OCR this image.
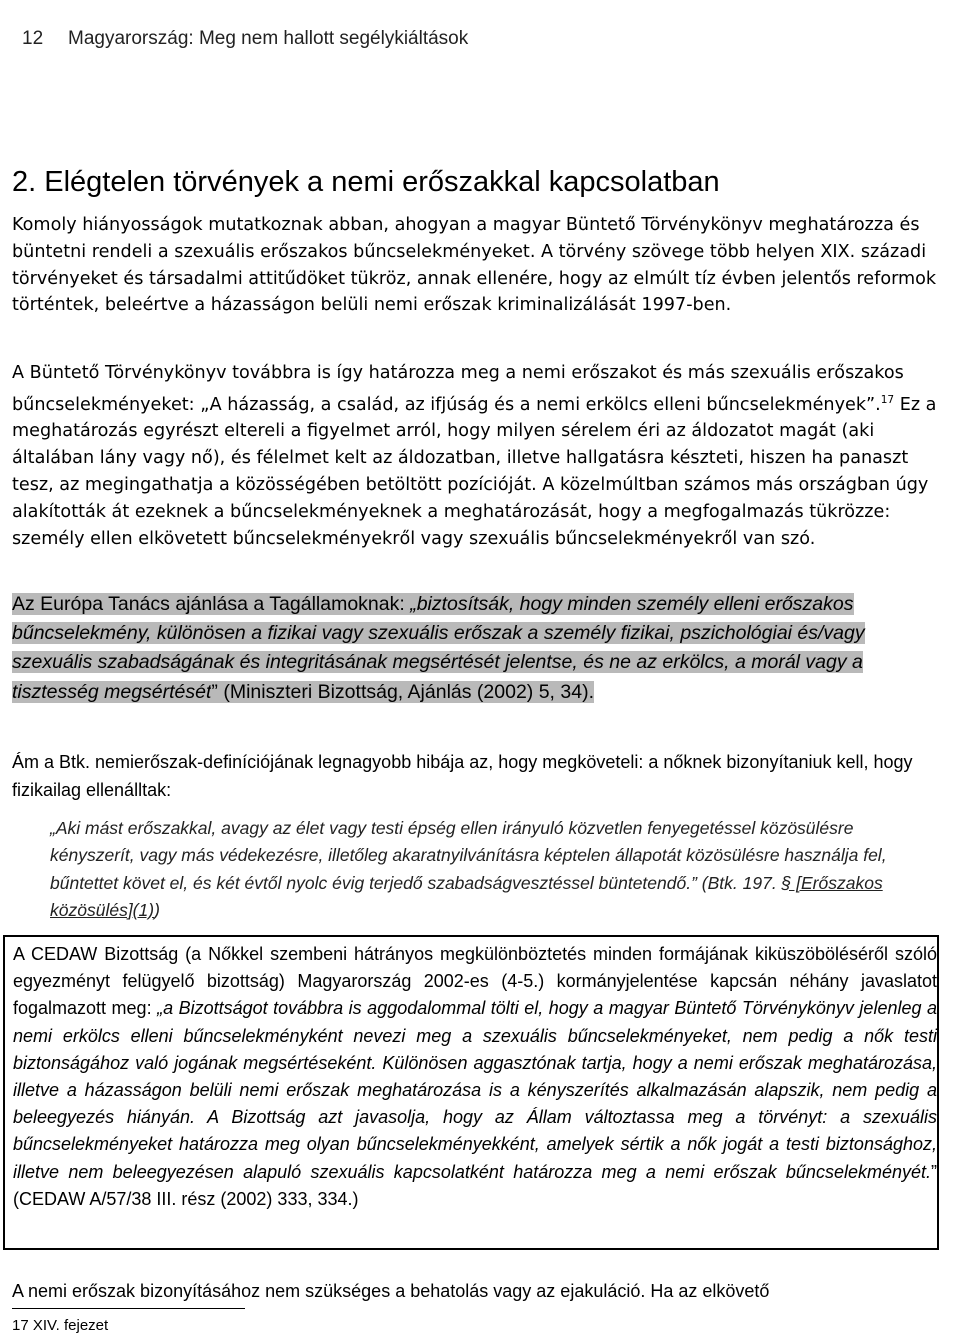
12 Magyarország: Meg nem hallott segélykiáltások
2. Elégtelen törvények a nemi erőszakkal kapcsolatban

Komoly hiányosságok mutatkoznak abban, ahogyan a magyar Büntető Törvénykönyv meghatározza és büntetni rendeli a szexuális erőszakos bűncselekményeket. A törvény szövege több helyen XIX. századi törvényeket és társadalmi attitűdöket tükröz, annak ellenére, hogy az elmúlt tíz évben jelentős reformok történtek, beleértve a házasságon belüli nemi erőszak kriminalizálását 1997-ben.

A Büntető Törvénykönyv továbbra is így határozza meg a nemi erőszakot és más szexuális erőszakos bűncselekményeket: „A házasság, a család, az ifjúság és a nemi erkölcs elleni bűncselekmények”.$^{17}$ Ez a meghatározás egyrészt eltereli a figyelmet arról, hogy milyen sérelem éri az áldozatot magát (aki általában lány vagy nő), és félelmet kelt az áldozatban, illetve hallgatásra készteti, hiszen ha panaszt tesz, az megingathatja a közösségében betöltött pozícióját. A közelmúltban számos más országban úgy alakították át ezeknek a bűncselekményeknek a meghatározását, hogy a megfogalmazás tükrözze: személy ellen elkövetett bűncselekményekről vagy szexuális bűncselekményekről van szó.

Az Európa Tanács ajánlása a Tagállamoknak: „biztosítsák, hogy minden személy elleni erőszakos bűncselekmény, különösen a fizikai vagy szexuális erőszak a személy fizikai, pszichológiai és/vagy szexuális szabadságának és integritásának megsértését jelentse, és ne az erkölcs, a morál vagy a tisztesség megsértését” (Miniszteri Bizottság, Ajánlás (2002) 5, 34).
Ám a Btk. nemierőszak-definíciójának legnagyobb hibája az, hogy megköveteli: a nőknek bizonyítaniuk kell, hogy fizikailag ellenálltak:
„Aki mást erőszakkal, avagy az élet vagy testi épség ellen irányuló közvetlen fenyegetéssel közösülésre kényszerít, vagy más védekezésre, illetőleg akaratnyilvánításra képtelen állapotát közösülésre használja fel, bűntettet követ el, és két évtől nyolc évig terjedő szabadságvesztéssel büntetendő.” (Btk. 197. § [Erőszakos közösülés](1))
A CEDAW Bizottság (a Nőkkel szembeni hátrányos megkülönböztetés minden formájának kiküszöböléséről szóló egyezményt felügyelő bizottság) Magyarország 2002-es (4-5.) kormányjelentése kapcsán néhány javaslatot fogalmazott meg: „a Bizottságot továbbra is aggodalommal tölti el, hogy a magyar Büntető Törvénykönyv jelenleg a nemi erkölcs elleni bűncselekményként nevezi meg a szexuális bűncselekményeket, nem pedig a nők testi biztonságához való jogának megsértéseként. Különösen aggasztónak tartja, hogy a nemi erőszak meghatározása, illetve a házasságon belüli nemi erőszak meghatározása is a kényszerítés alkalmazásán alapszik, nem pedig a beleegyezés hiányán. A Bizottság azt javasolja, hogy az Állam változtassa meg a törvényt: a szexuális bűncselekményeket határozza meg olyan bűncselekményekként, amelyek sértik a nők jogát a testi biztonsághoz, illetve nem beleegyezésen alapuló szexuális kapcsolatként határozza meg a nemi erőszak bűncselekményét.” (CEDAW A/57/38 III. rész (2002) 333, 334.)
A nemi erőszak bizonyításához nem szükséges a behatolás vagy az ejakuláció. Ha az elkövető
17 XIV. fejezet
